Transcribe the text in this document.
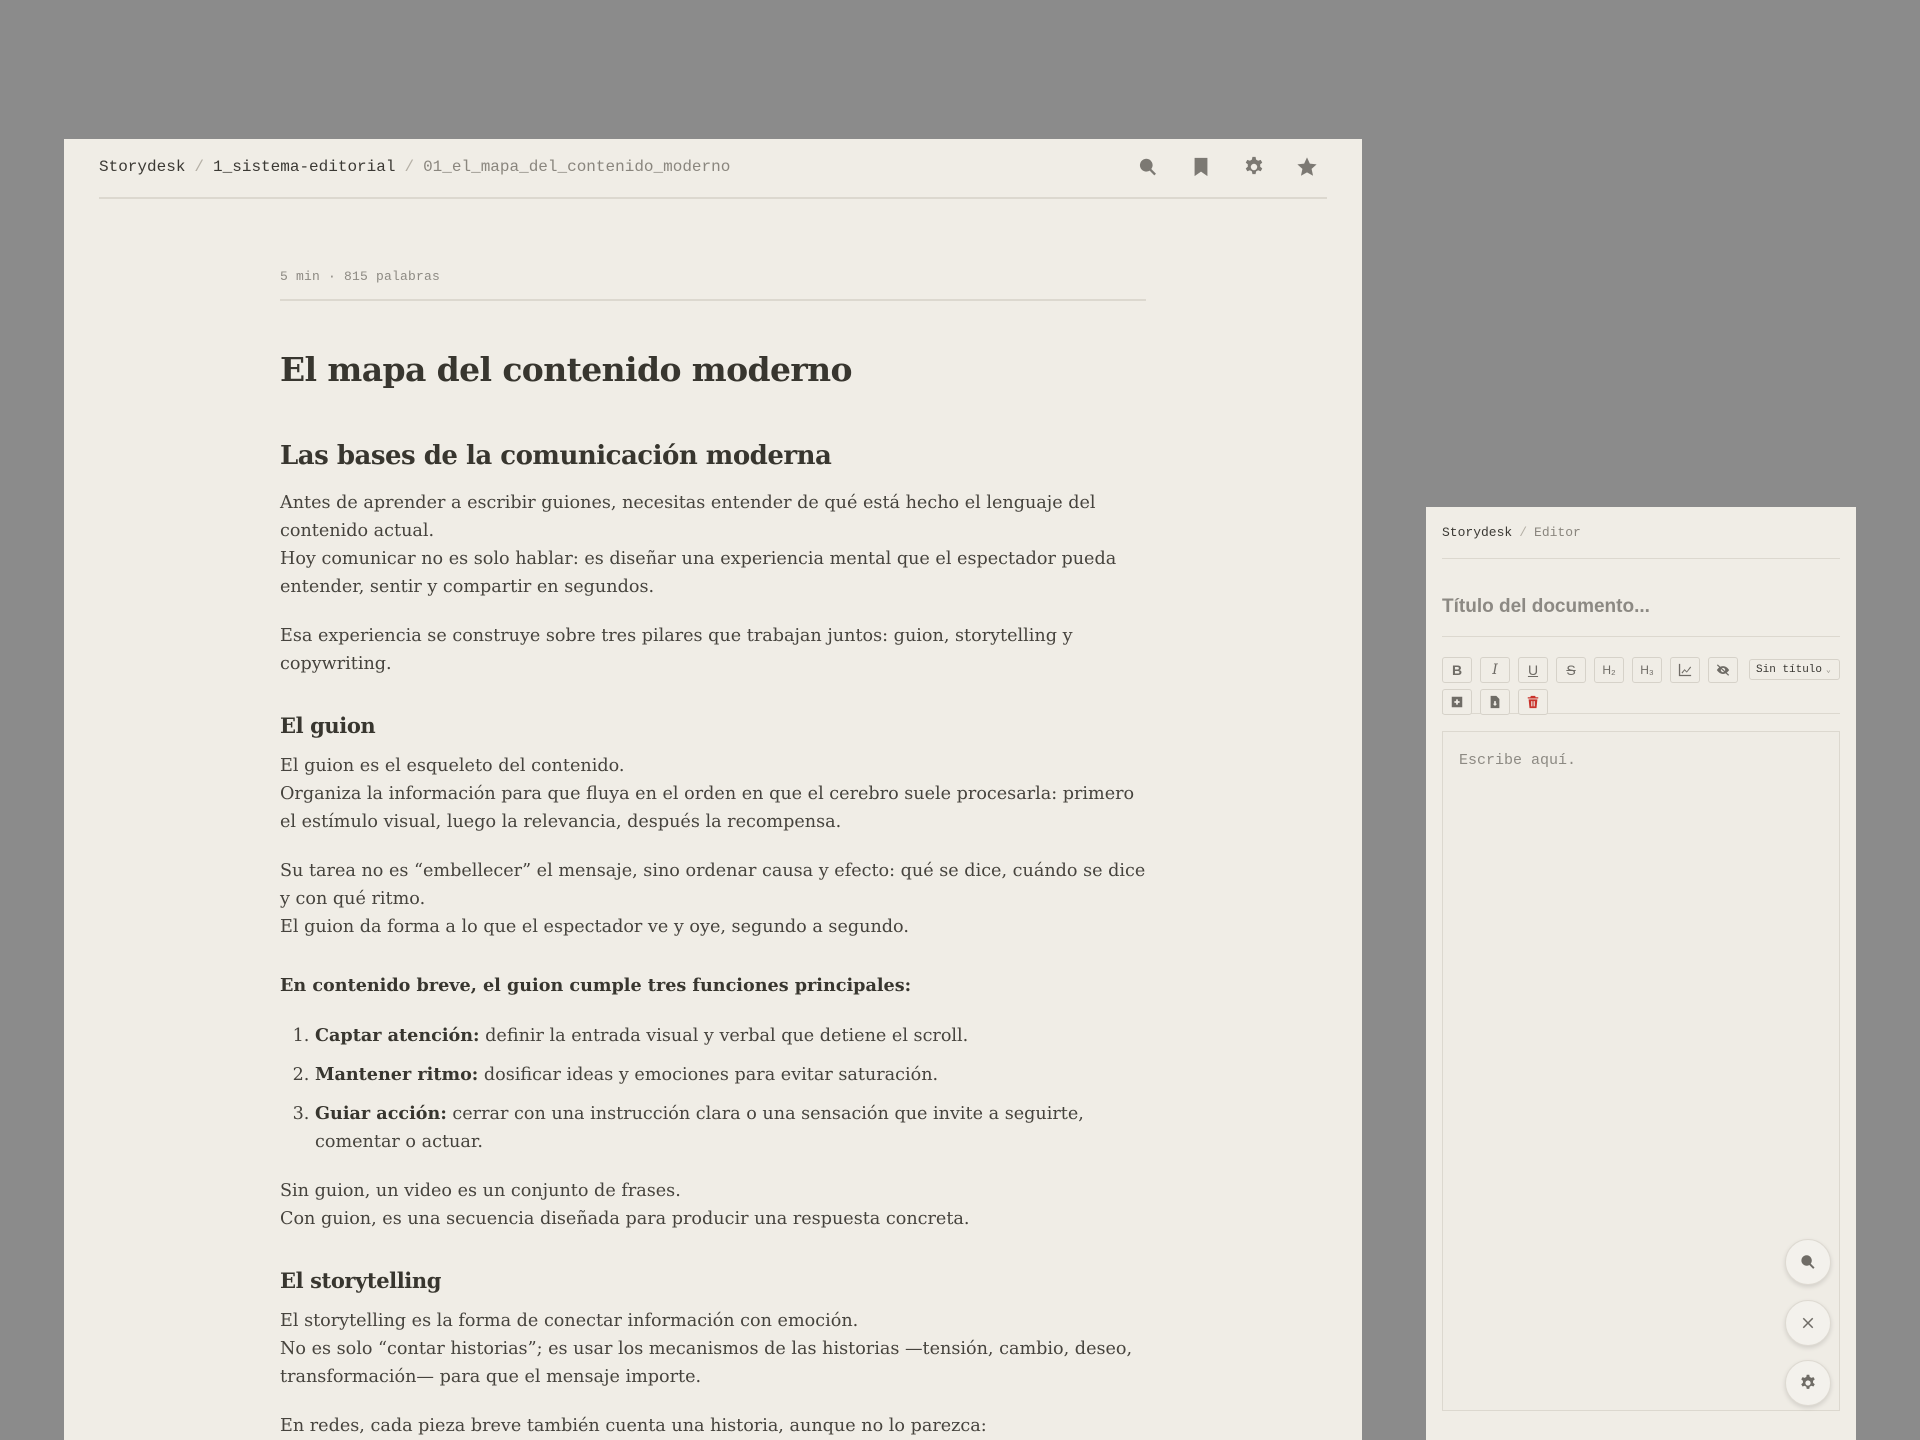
Storydesk / 1_sistema-editorial / 01_el_mapa_del_contenido_moderno
5 min · 815 palabras
El mapa del contenido moderno
Las bases de la comunicación moderna

Antes de aprender a escribir guiones, necesitas entender de qué está hecho el lenguaje del contenido actual.
Hoy comunicar no es solo hablar: es diseñar una experiencia mental que el espectador pueda entender, sentir y compartir en segundos.

Esa experiencia se construye sobre tres pilares que trabajan juntos: guion, storytelling y copywriting.

El guion

El guion es el esqueleto del contenido.
Organiza la información para que fluya en el orden en que el cerebro suele procesarla: primero el estímulo visual, luego la relevancia, después la recompensa.

Su tarea no es “embellecer” el mensaje, sino ordenar causa y efecto: qué se dice, cuándo se dice y con qué ritmo.
El guion da forma a lo que el espectador ve y oye, segundo a segundo.

En contenido breve, el guion cumple tres funciones principales:

1. Captar atención: definir la entrada visual y verbal que detiene el scroll.
2. Mantener ritmo: dosificar ideas y emociones para evitar saturación.
3. Guiar acción: cerrar con una instrucción clara o una sensación que invite a seguirte, comentar o actuar.

Sin guion, un video es un conjunto de frases.
Con guion, es una secuencia diseñada para producir una respuesta concreta.

El storytelling

El storytelling es la forma de conectar información con emoción.
No es solo “contar historias”; es usar los mecanismos de las historias —tensión, cambio, deseo, transformación— para que el mensaje importe.

En redes, cada pieza breve también cuenta una historia, aunque no lo parezca:

Storydesk / Editor
Título del documento...
B	I	U	S	H₂	H₃	Sin título ⌄
Escribe aquí.
